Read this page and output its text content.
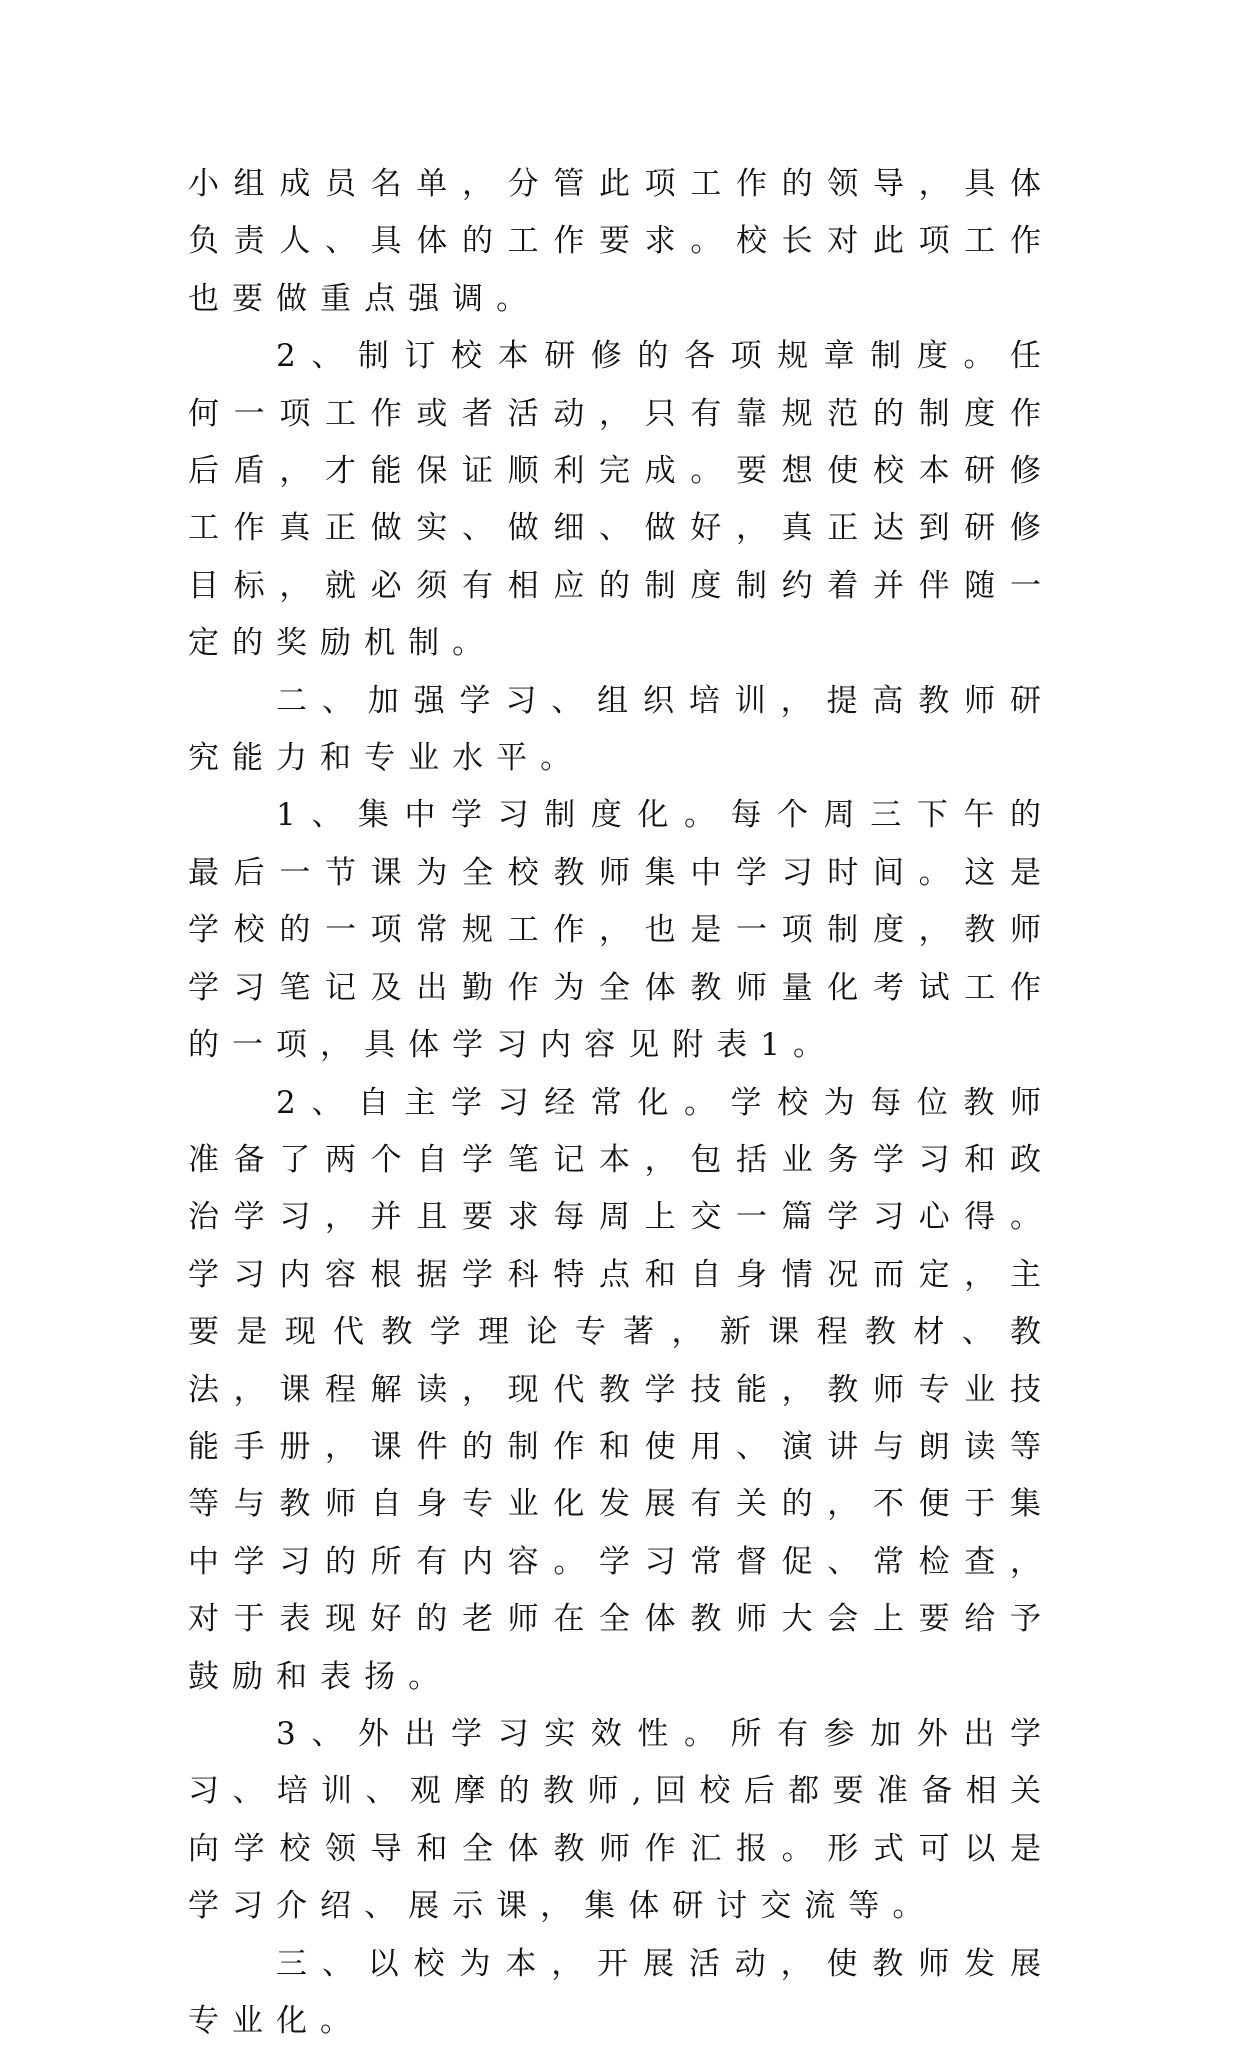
小组成员名单，分管此项工作的领导，具体负责人、具体的工作要求。校长对此项工作也要做重点强调。

2、制订校本研修的各项规章制度。任何一项工作或者活动，只有靠规范的制度作后盾，才能保证顺利完成。要想使校本研修工作真正做实、做细、做好，真正达到研修目标，就必须有相应的制度制约着并伴随一定的奖励机制。

二、加强学习、组织培训，提高教师研究能力和专业水平。

1、集中学习制度化。每个周三下午的最后一节课为全校教师集中学习时间。这是学校的一项常规工作，也是一项制度，教师学习笔记及出勤作为全体教师量化考试工作的一项，具体学习内容见附表1。

2、自主学习经常化。学校为每位教师准备了两个自学笔记本，包括业务学习和政治学习，并且要求每周上交一篇学习心得。学习内容根据学科特点和自身情况而定，主要是现代教学理论专著，新课程教材、教法，课程解读，现代教学技能，教师专业技能手册，课件的制作和使用、演讲与朗读等等与教师自身专业化发展有关的，不便于集中学习的所有内容。学习常督促、常检查，对于表现好的老师在全体教师大会上要给予鼓励和表扬。

3、外出学习实效性。所有参加外出学习、培训、观摩的教师,回校后都要准备相关向学校领导和全体教师作汇报。形式可以是学习介绍、展示课，集体研讨交流等。

三、以校为本，开展活动，使教师发展专业化。
